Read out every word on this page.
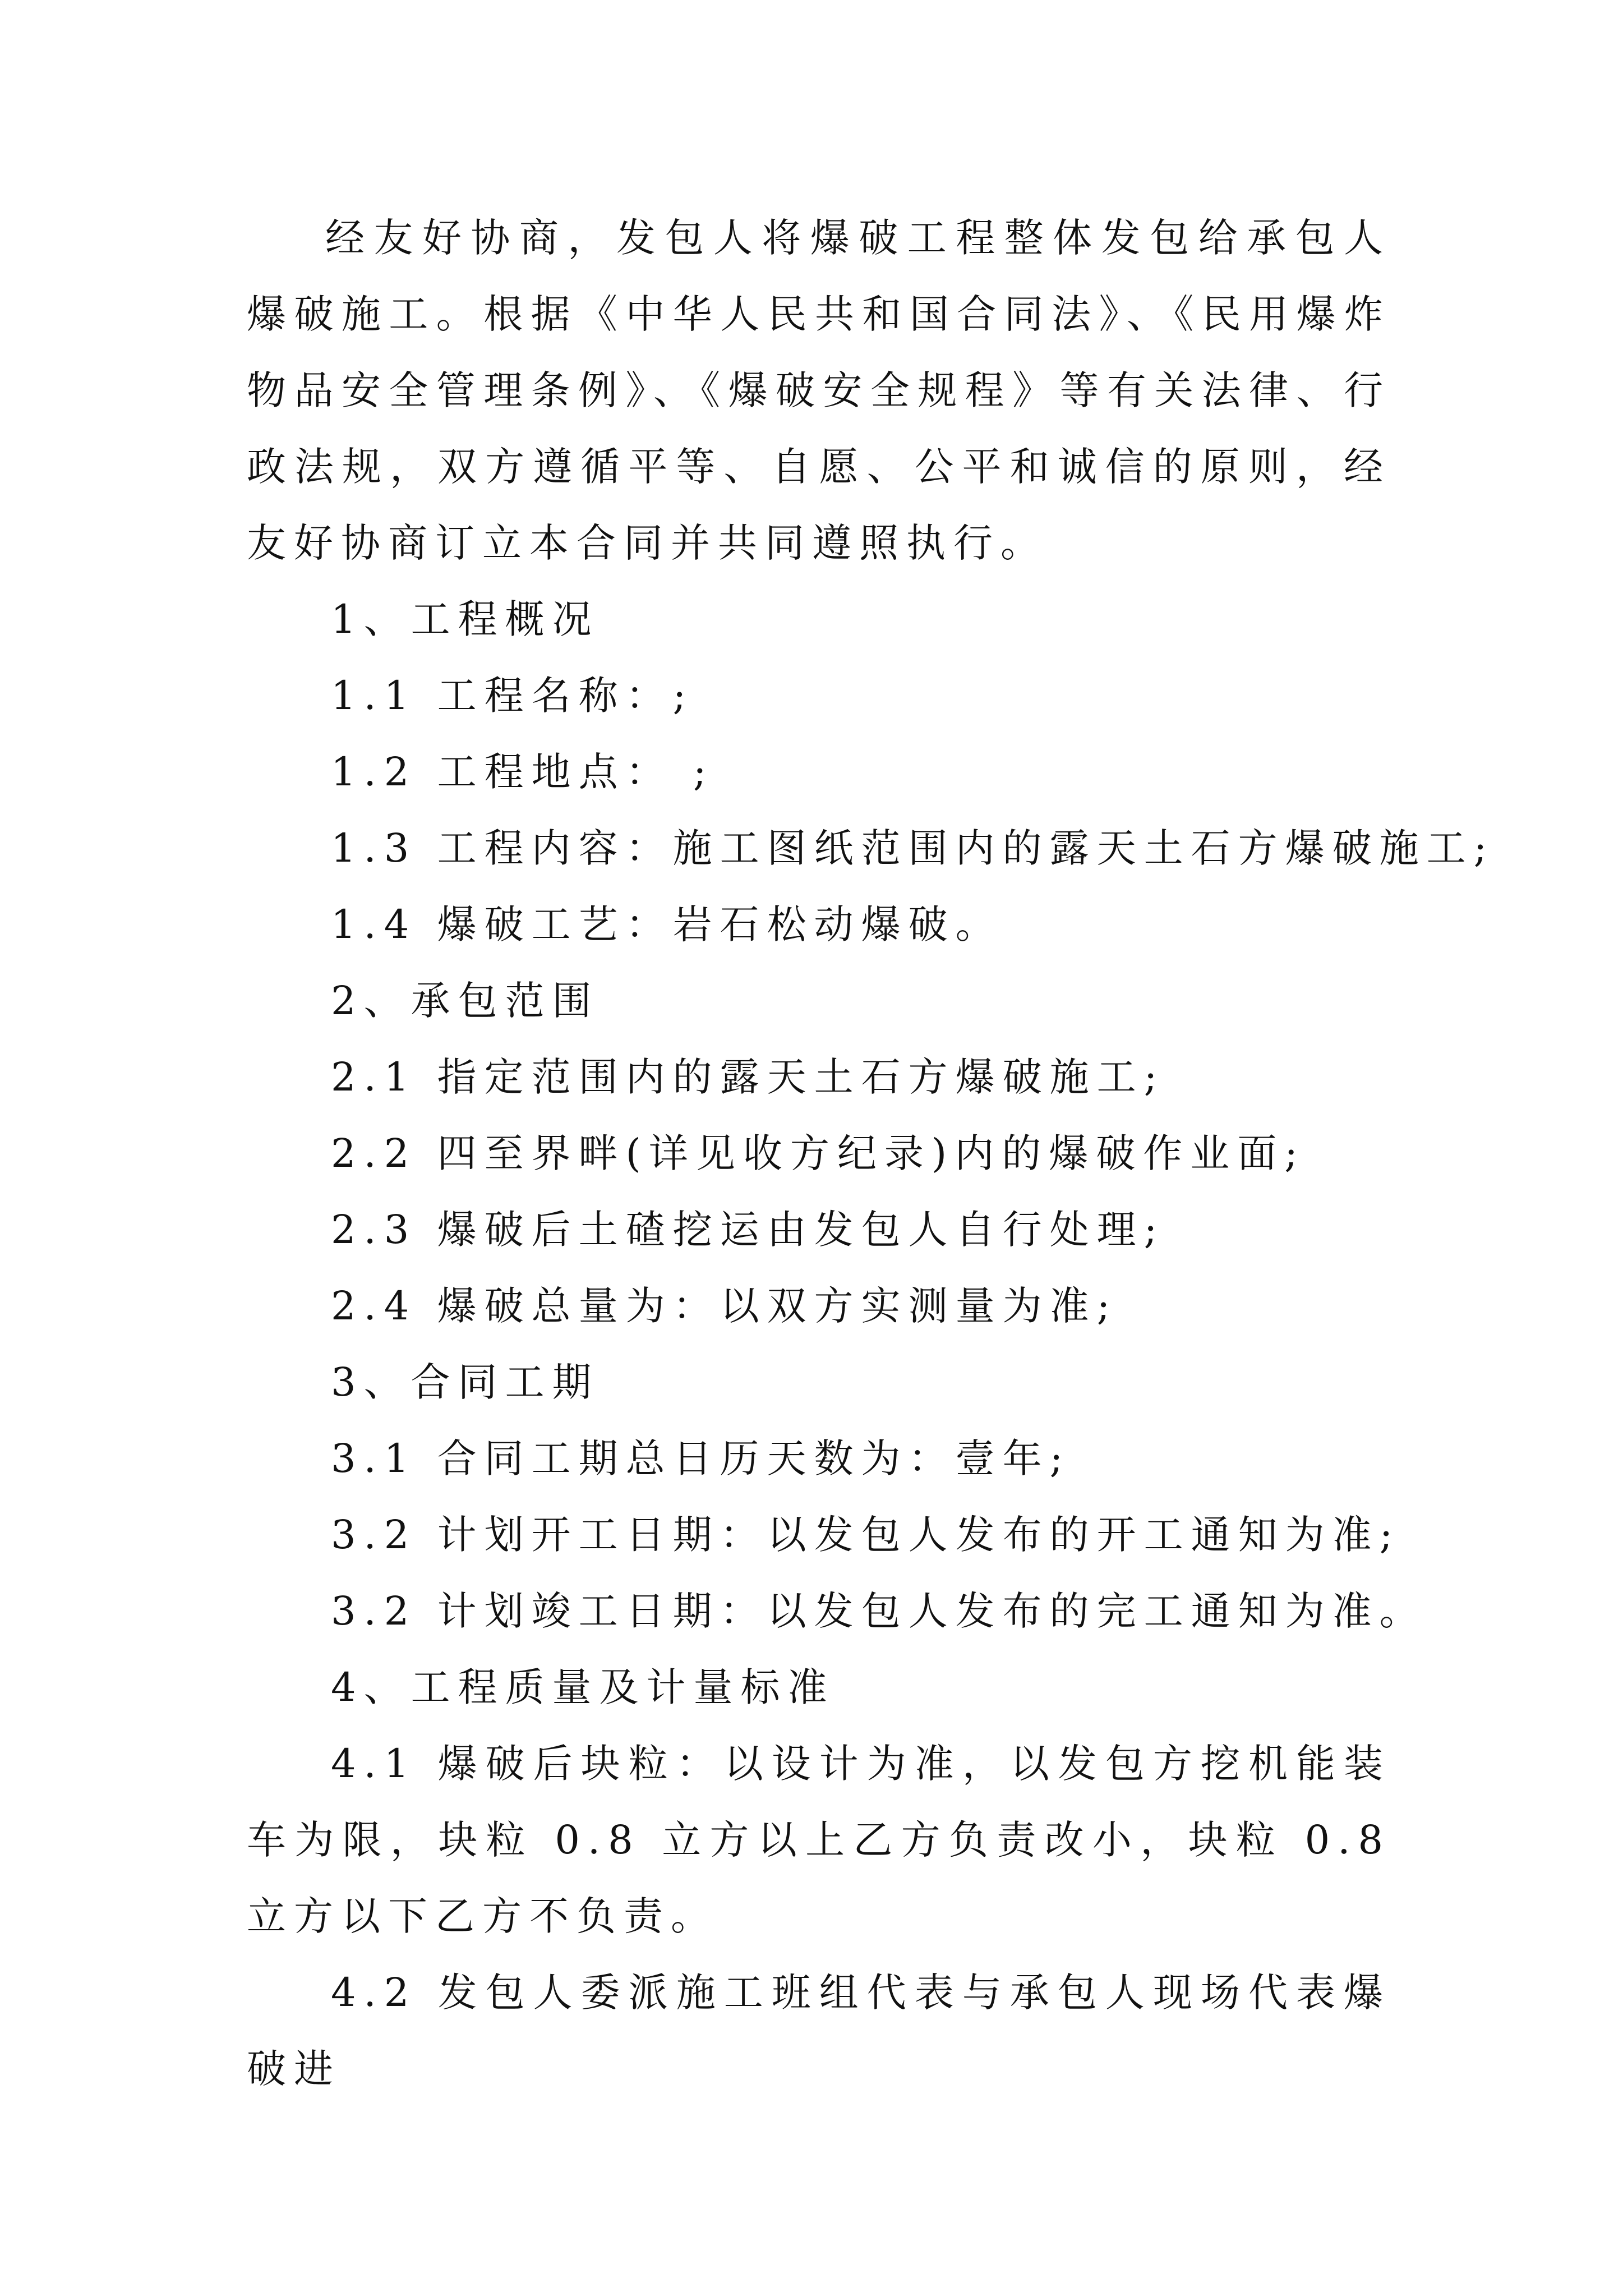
经友好协商，发包人将爆破工程整体发包给承包人爆破施工。根据《中华人民共和国合同法》、《民用爆炸物品安全管理条例》、《爆破安全规程》等有关法律、行政法规，双方遵循平等、自愿、公平和诚信的原则，经友好协商订立本合同并共同遵照执行。

1、工程概况

1.1 工程名称：;

1.2 工程地点： ;

1.3 工程内容：施工图纸范围内的露天土石方爆破施工;

1.4 爆破工艺：岩石松动爆破。

2、承包范围

2.1 指定范围内的露天土石方爆破施工;

2.2 四至界畔(详见收方纪录)内的爆破作业面;

2.3 爆破后土碴挖运由发包人自行处理;

2.4 爆破总量为：以双方实测量为准;

3、合同工期

3.1 合同工期总日历天数为：壹年;

3.2 计划开工日期：以发包人发布的开工通知为准;

3.2 计划竣工日期：以发包人发布的完工通知为准。

4、工程质量及计量标准

4.1 爆破后块粒：以设计为准，以发包方挖机能装车为限，块粒 0.8 立方以上乙方负责改小，块粒 0.8 立方以下乙方不负责。

4.2 发包人委派施工班组代表与承包人现场代表爆破进
